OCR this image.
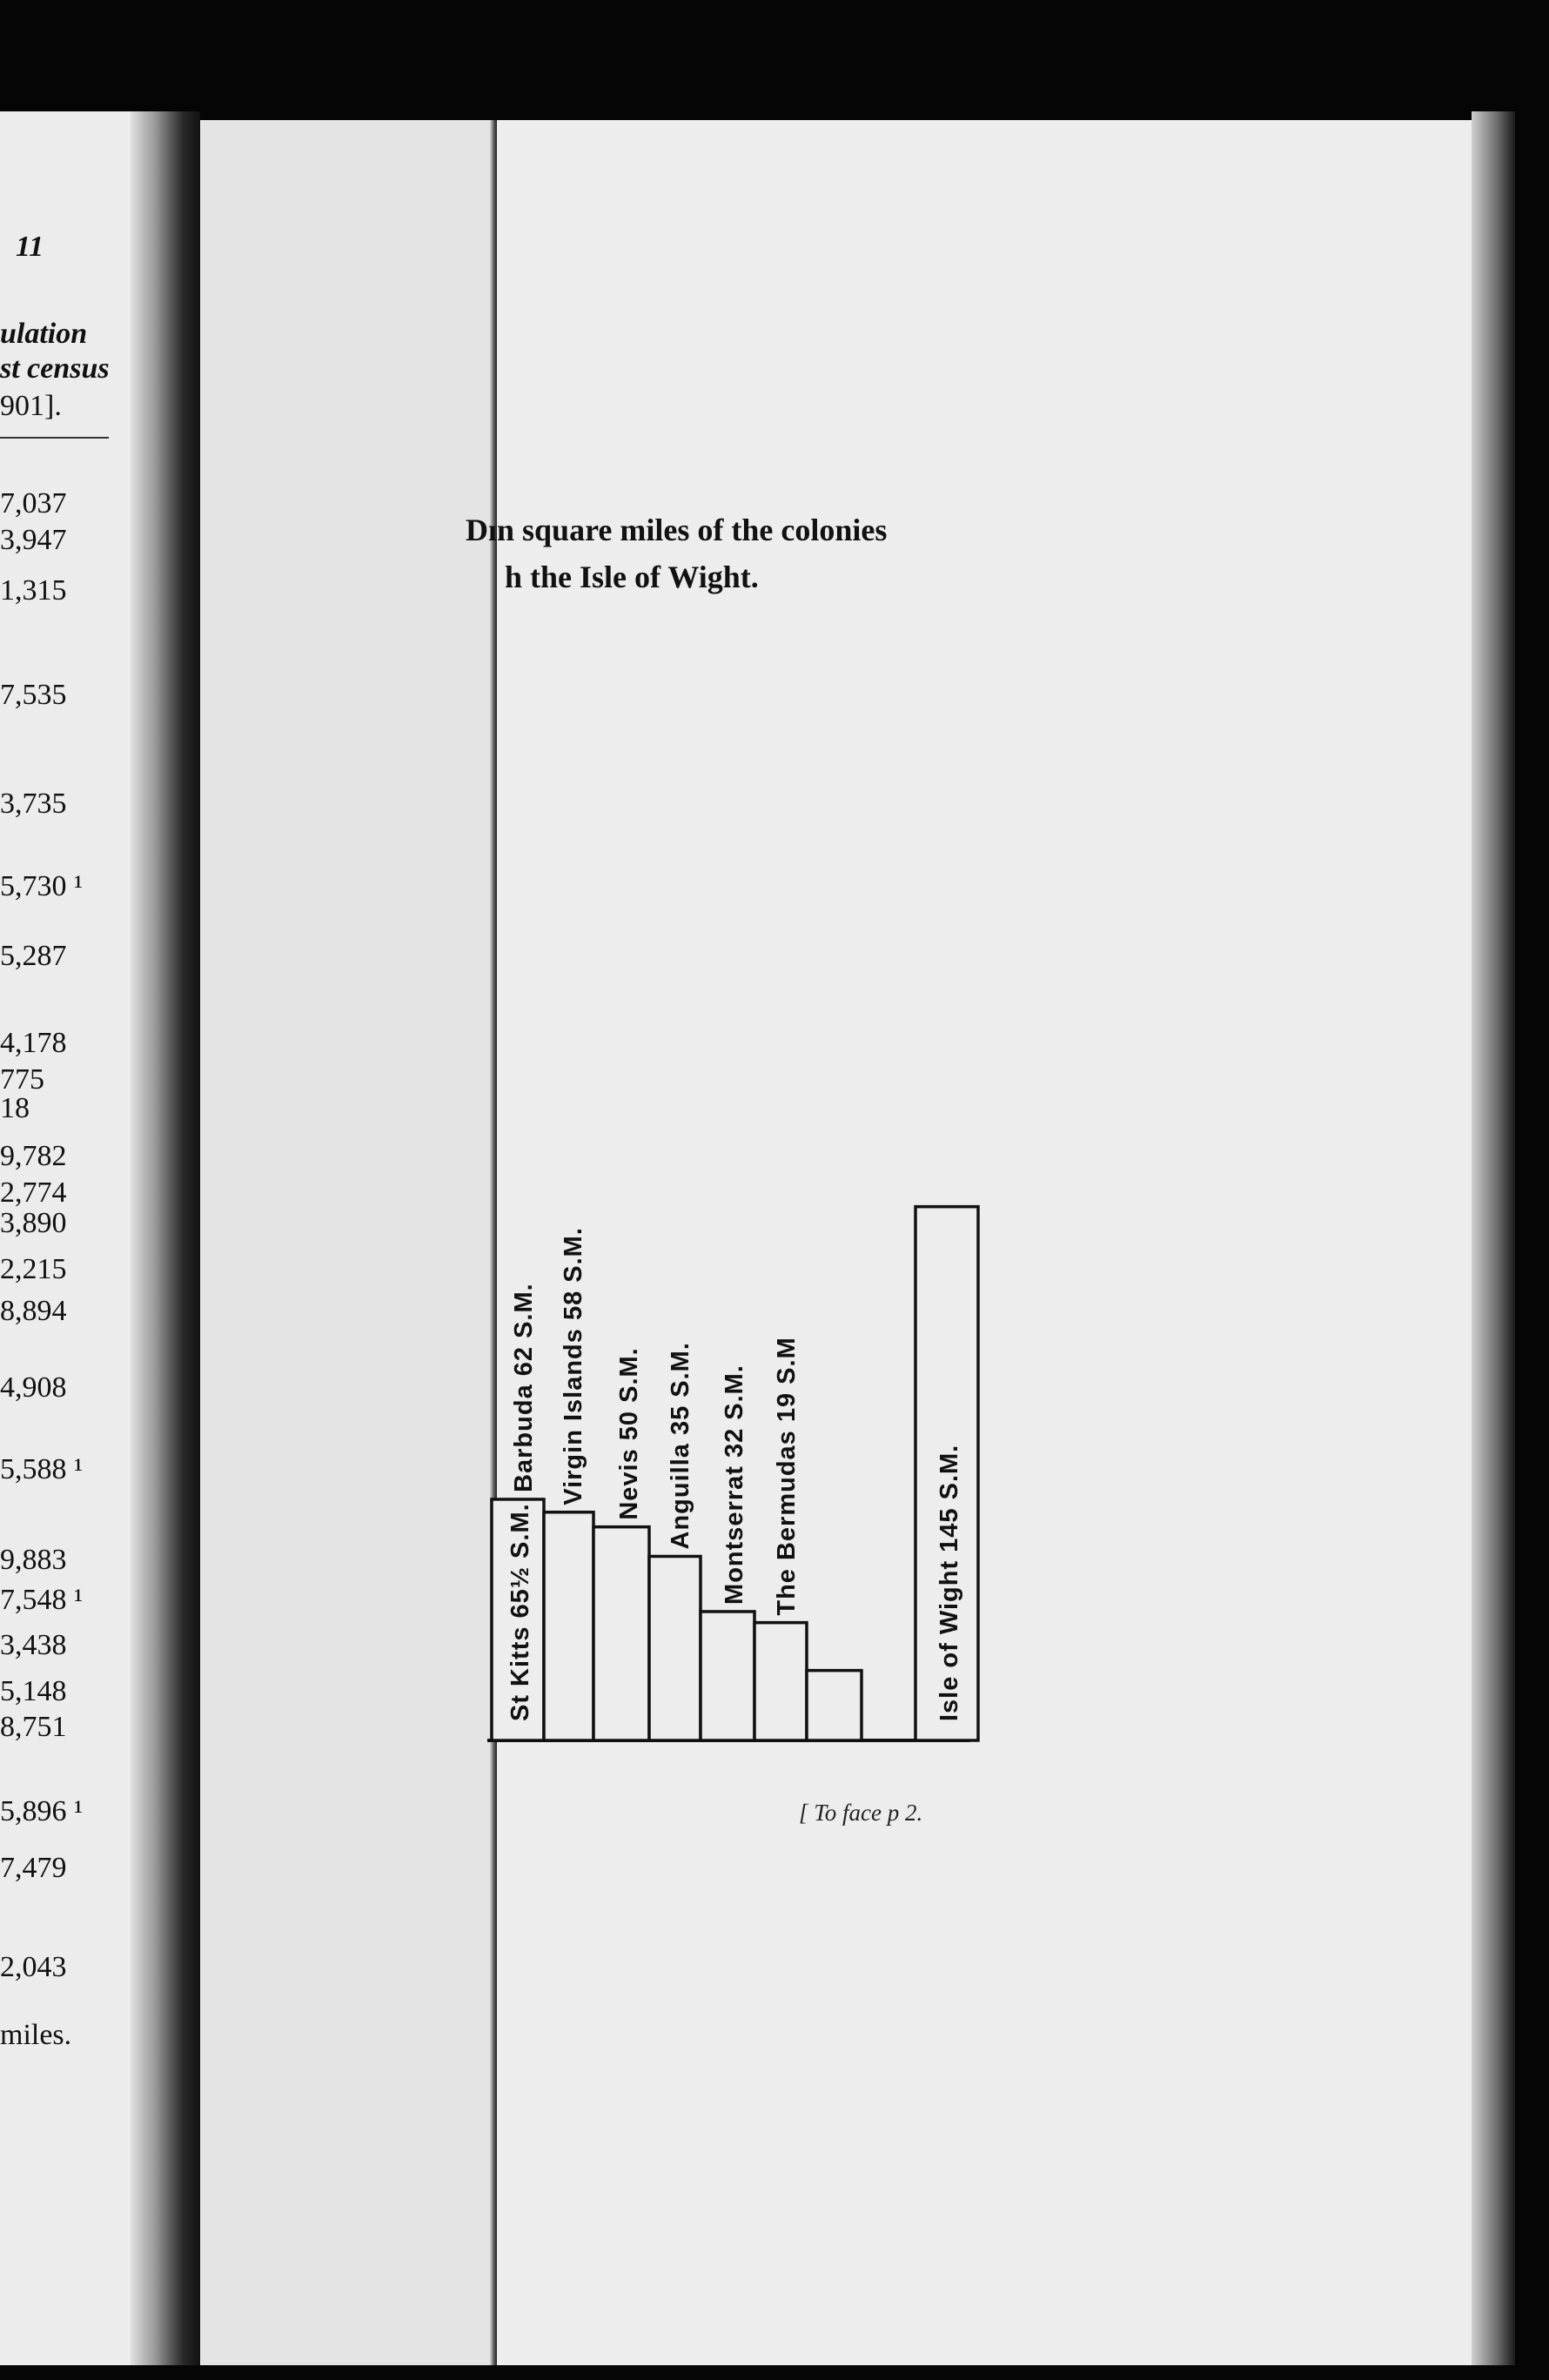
11
ulation
st census
901].
7,037
3,947
1,315
7,535
3,735
5,730 ¹
5,287
4,178
775
18
9,782
2,774
3,890
2,215
8,894
4,908
5,588 ¹
9,883
7,548 ¹
3,438
5,148
8,751
5,896 ¹
7,479
2,043
miles.
Dın square miles of the colonies
h the Isle of Wight.
St Kitts 65½ S.M.
Barbuda 62 S.M. Virgin Islands 58 S.M. Nevis 50 S.M. Anguilla 35 S.M. Montserrat 32 S.M. The Bermudas 19 S.M	Isle of Wight 145 S.M.
[ To face p 2.
